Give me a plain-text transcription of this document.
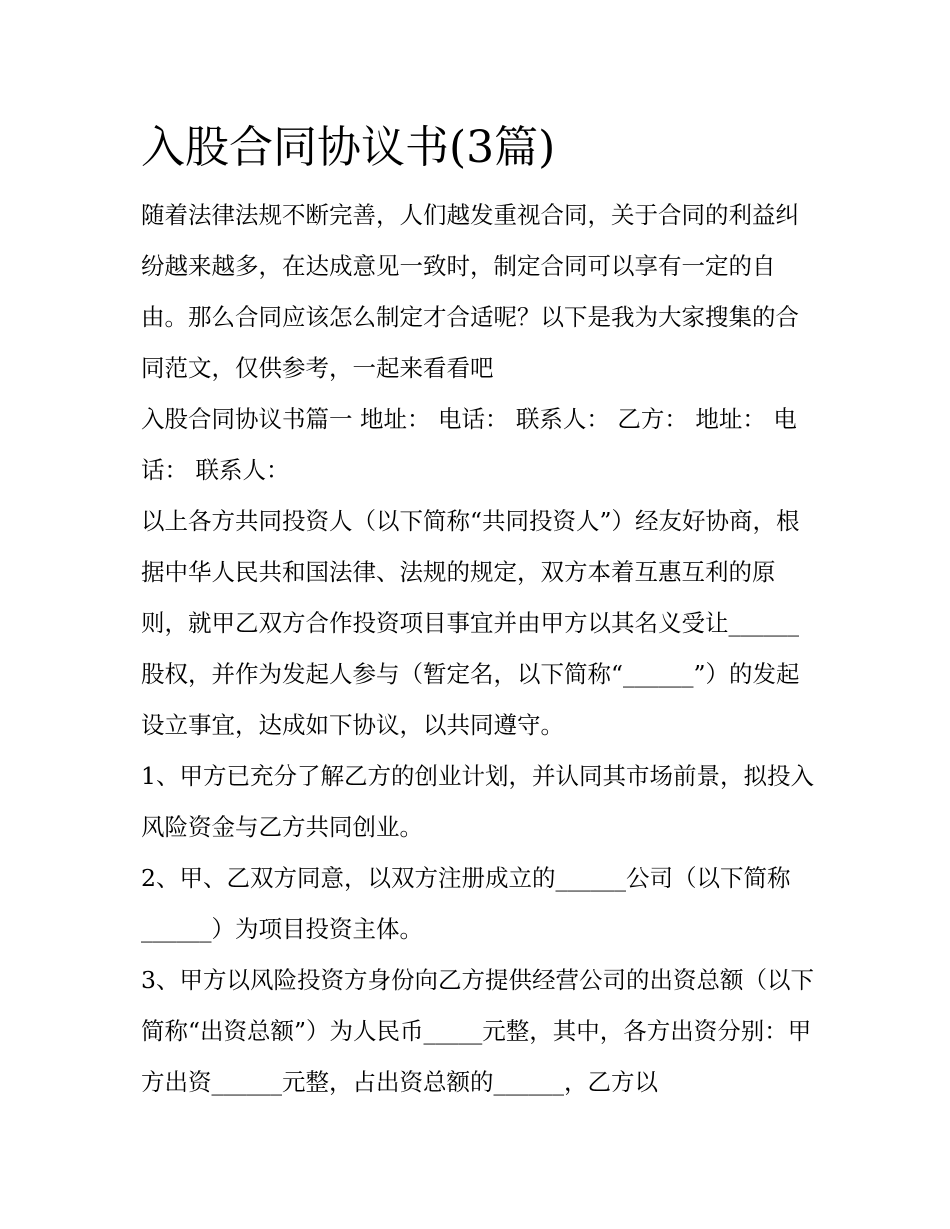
入股合同协议书(3篇)

随着法律法规不断完善，人们越发重视合同，关于合同的利益纠纷越来越多，在达成意见一致时，制定合同可以享有一定的自由。那么合同应该怎么制定才合适呢？以下是我为大家搜集的合同范文，仅供参考，一起来看看吧

入股合同协议书篇一 地址： 电话： 联系人： 乙方： 地址： 电话： 联系人：

以上各方共同投资人（以下简称“共同投资人”）经友好协商，根据中华人民共和国法律、法规的规定，双方本着互惠互利的原则，就甲乙双方合作投资项目事宜并由甲方以其名义受让______股权，并作为发起人参与（暂定名，以下简称“______”）的发起设立事宜，达成如下协议，以共同遵守。

1、甲方已充分了解乙方的创业计划，并认同其市场前景，拟投入风险资金与乙方共同创业。

2、甲、乙双方同意，以双方注册成立的______公司（以下简称______）为项目投资主体。

3、甲方以风险投资方身份向乙方提供经营公司的出资总额（以下简称“出资总额”）为人民币_____元整，其中，各方出资分别：甲方出资______元整，占出资总额的______，乙方以
